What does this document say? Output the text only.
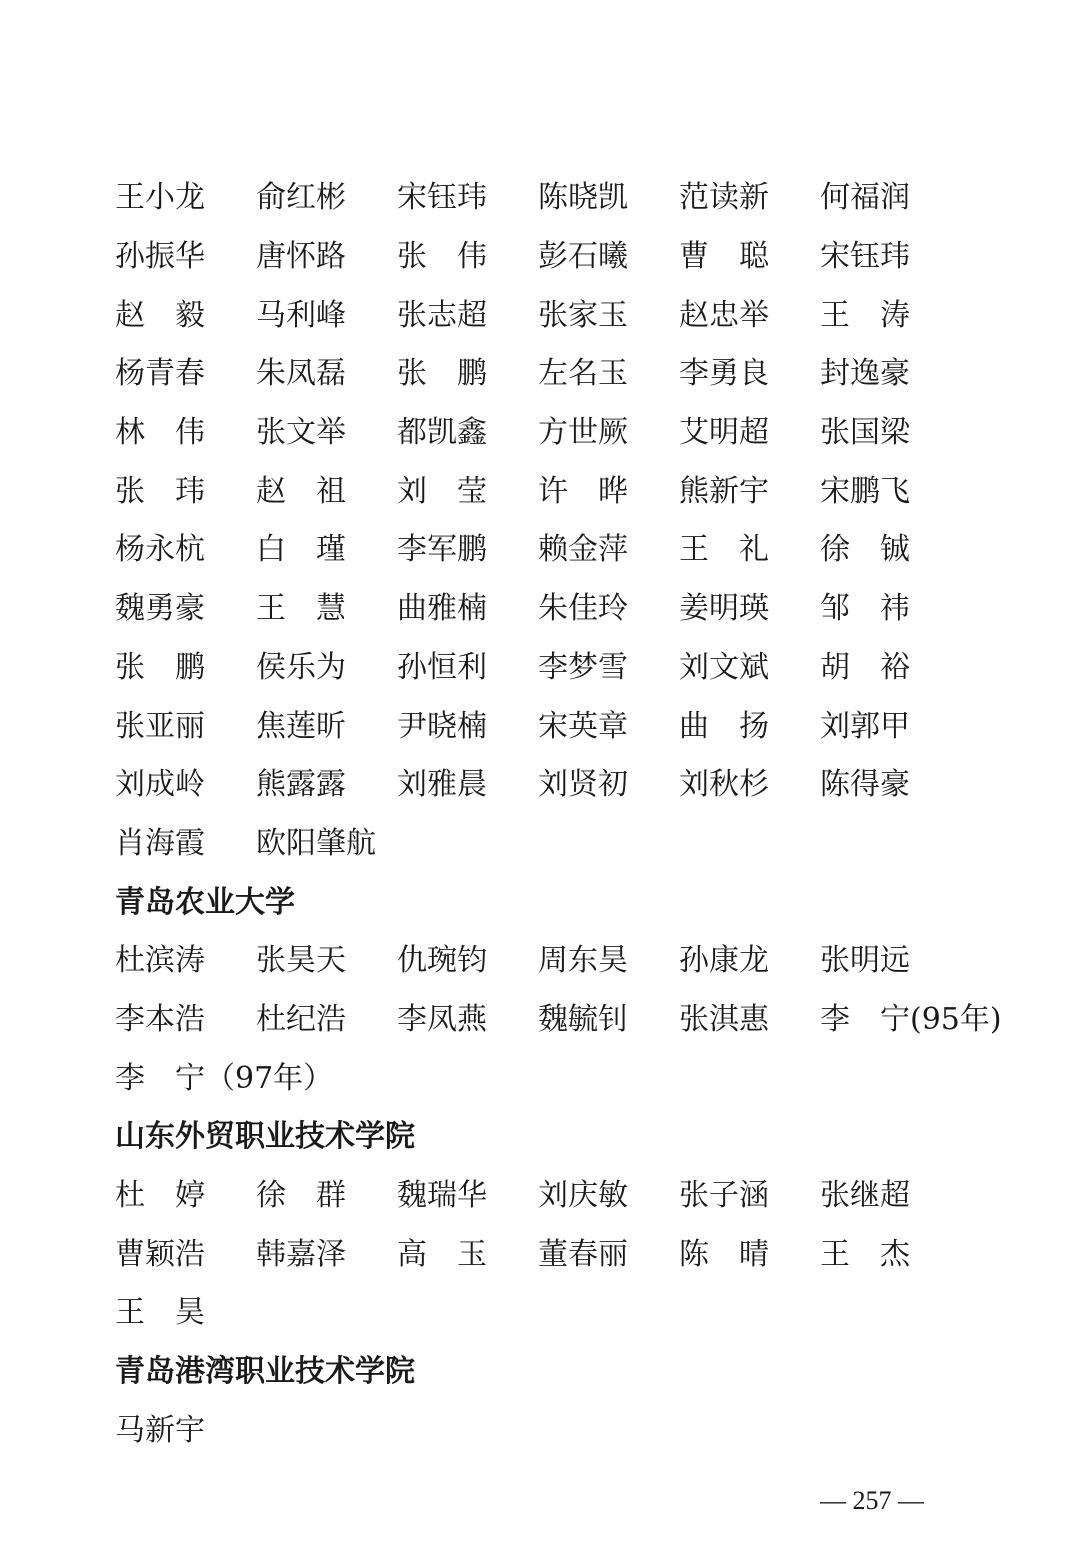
王小龙	俞红彬	宋钰玮	陈晓凯	范读新	何福润
孙振华	唐怀路	张　伟	彭石曦	曹　聪	宋钰玮
赵　毅	马利峰	张志超	张家玉	赵忠举	王　涛
杨青春	朱凤磊	张　鹏	左名玉	李勇良	封逸豪
林　伟	张文举	都凯鑫	方世厥	艾明超	张国梁
张　玮	赵　祖	刘　莹	许　晔	熊新宇	宋鹏飞
杨永杭	白　瑾	李军鹏	赖金萍	王　礼	徐　铖
魏勇豪	王　慧	曲雅楠	朱佳玲	姜明瑛	邹　祎
张　鹏	侯乐为	孙恒利	李梦雪	刘文斌	胡　裕
张亚丽	焦莲昕	尹晓楠	宋英章	曲　扬	刘郭甲
刘成岭	熊露露	刘雅晨	刘贤初	刘秋杉	陈得豪
肖海霞	欧阳肇航
青岛农业大学
杜滨涛	张昊天	仇琬钧	周东昊	孙康龙	张明远
李本浩	杜纪浩	李凤燕	魏毓钊	张淇惠	李　宁(95年)
李　宁（97年）
山东外贸职业技术学院
杜　婷	徐　群	魏瑞华	刘庆敏	张子涵	张继超
曹颖浩	韩嘉泽	高　玉	董春丽	陈　晴	王　杰
王　昊
青岛港湾职业技术学院
马新宇
— 257 —
